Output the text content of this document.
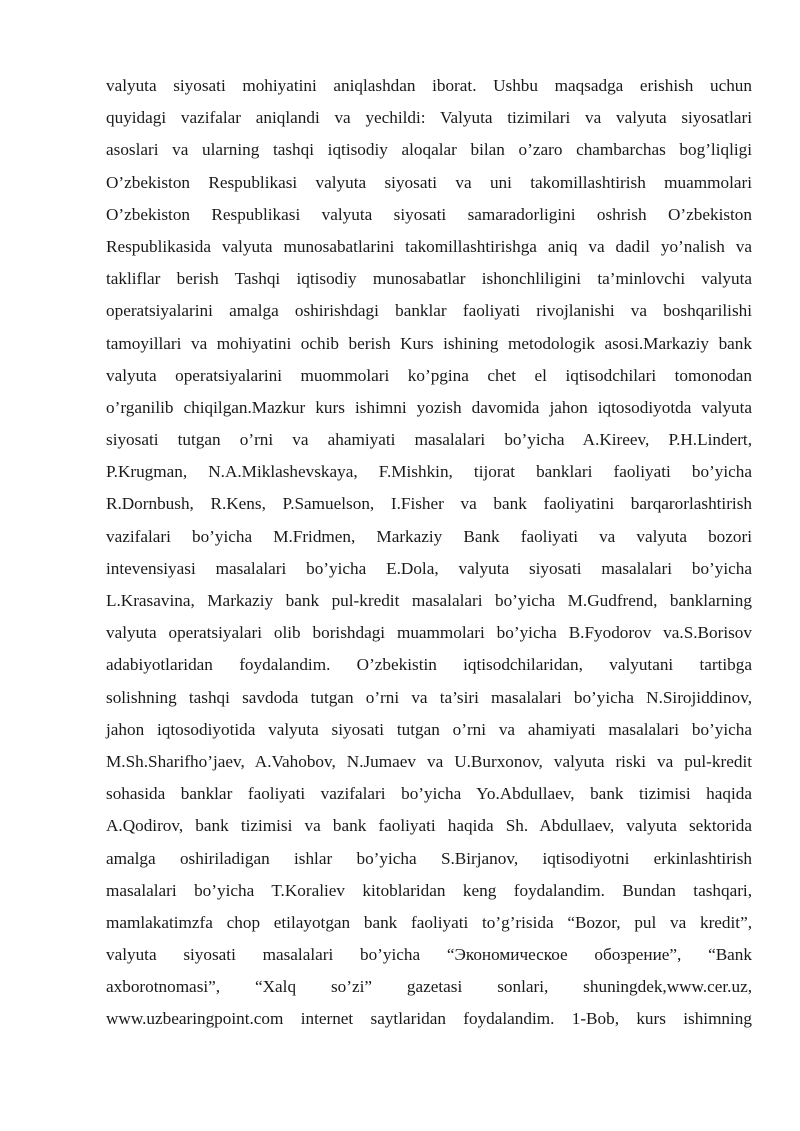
valyuta siyosati mohiyatini aniqlashdan iborat. Ushbu maqsadga erishish uchun
quyidagi vazifalar aniqlandi va yechildi: Valyuta tizimilari va valyuta siyosatlari
asoslari va ularning tashqi iqtisodiy aloqalar bilan o’zaro chambarchas bog’liqligi
O’zbekiston Respublikasi valyuta siyosati va uni takomillashtirish muammolari
O’zbekiston Respublikasi valyuta siyosati samaradorligini oshrish O’zbekiston
Respublikasida valyuta munosabatlarini takomillashtirishga aniq va dadil yo’nalish va
takliflar berish Tashqi iqtisodiy munosabatlar ishonchliligini ta’minlovchi valyuta
operatsiyalarini amalga oshirishdagi banklar faoliyati rivojlanishi va boshqarilishi
tamoyillari va mohiyatini ochib berish Kurs ishining metodologik asosi.Markaziy bank
valyuta operatsiyalarini muommolari ko’pgina chet el iqtisodchilari tomonodan
o’rganilib chiqilgan.Mazkur kurs ishimni yozish davomida jahon iqtosodiyotda valyuta
siyosati tutgan o’rni va ahamiyati masalalari bo’yicha A.Kireev, P.H.Lindert,
P.Krugman, N.A.Miklashevskaya, F.Mishkin, tijorat banklari faoliyati bo’yicha
R.Dornbush, R.Kens, P.Samuelson, I.Fisher va bank faoliyatini barqarorlashtirish
vazifalari bo’yicha M.Fridmen, Markaziy Bank faoliyati va valyuta bozori
intevensiyasi masalalari bo’yicha E.Dola, valyuta siyosati masalalari bo’yicha
L.Krasavina, Markaziy bank pul-kredit masalalari bo’yicha M.Gudfrend, banklarning
valyuta operatsiyalari olib borishdagi muammolari bo’yicha B.Fyodorov va.S.Borisov
adabiyotlaridan foydalandim. O’zbekistin iqtisodchilaridan, valyutani tartibga
solishning tashqi savdoda tutgan o’rni va ta’siri masalalari bo’yicha N.Sirojiddinov,
jahon iqtosodiyotida valyuta siyosati tutgan o’rni va ahamiyati masalalari bo’yicha
M.Sh.Sharifho’jaev, A.Vahobov, N.Jumaev va U.Burxonov, valyuta riski va pul-kredit
sohasida banklar faoliyati vazifalari bo’yicha Yo.Abdullaev, bank tizimisi haqida
A.Qodirov, bank tizimisi va bank faoliyati haqida Sh. Abdullaev, valyuta sektorida
amalga oshiriladigan ishlar bo’yicha S.Birjanov, iqtisodiyotni erkinlashtirish
masalalari bo’yicha T.Koraliev kitoblaridan keng foydalandim. Bundan tashqari,
mamlakatimzfa chop etilayotgan bank faoliyati to’g’risida “Bozor, pul va kredit”,
valyuta siyosati masalalari bo’yicha “Экономическое обозрение”, “Bank
axborotnomasi”, “Xalq so’zi” gazetasi sonlari, shuningdek,www.cer.uz,
www.uzbearingpoint.com internet saytlaridan foydalandim. 1-Bob, kurs ishimning
